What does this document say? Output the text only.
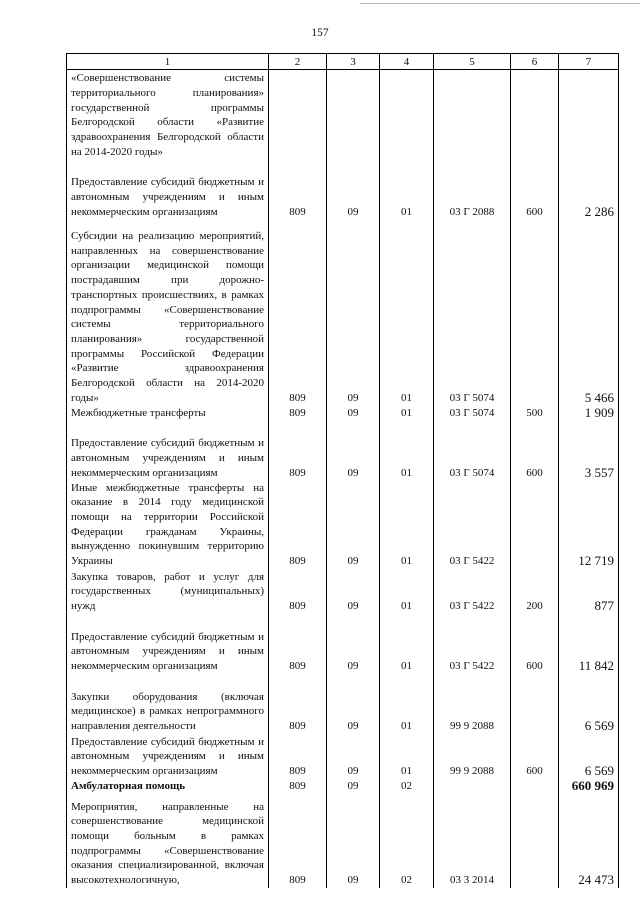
157
1	2	3	4	5	6	7
«Совершенствование системы территориального планирования» государственной программы Белгородской области «Развитие здравоохранения Белгородской области на 2014-2020 годы»						
Предоставление субсидий бюджетным и автономным учреждениям и иным некоммерческим организациям	809	09	01	03 Г 2088	600	2 286
Субсидии на реализацию мероприятий, направленных на совершенствование организации медицинской помощи пострадавшим при дорожно-транспортных происшествиях, в рамках подпрограммы «Совершенствование системы территориального планирования» государственной программы Российской Федерации «Развитие здравоохранения Белгородской области на 2014-2020 годы»	809	09	01	03 Г 5074		5 466
Межбюджетные трансферты	809	09	01	03 Г 5074	500	1 909
Предоставление субсидий бюджетным и автономным учреждениям и иным некоммерческим организациям	809	09	01	03 Г 5074	600	3 557
Иные межбюджетные трансферты на оказание в 2014 году медицинской помощи на территории Российской Федерации гражданам Украины, вынужденно покинувшим территорию Украины	809	09	01	03 Г 5422		12 719
Закупка товаров, работ и услуг для государственных (муниципальных) нужд	809	09	01	03 Г 5422	200	877
Предоставление субсидий бюджетным и автономным учреждениям и иным некоммерческим организациям	809	09	01	03 Г 5422	600	11 842
Закупки оборудования (включая медицинское) в рамках непрограммного направления деятельности	809	09	01	99 9 2088		6 569
Предоставление субсидий бюджетным и автономным учреждениям и иным некоммерческим организациям	809	09	01	99 9 2088	600	6 569
Амбулаторная помощь	809	09	02			660 969
Мероприятия, направленные на совершенствование медицинской помощи больным в рамках подпрограммы «Совершенствование оказания специализированной, включая высокотехнологичную,	809	09	02	03 3 2014		24 473
